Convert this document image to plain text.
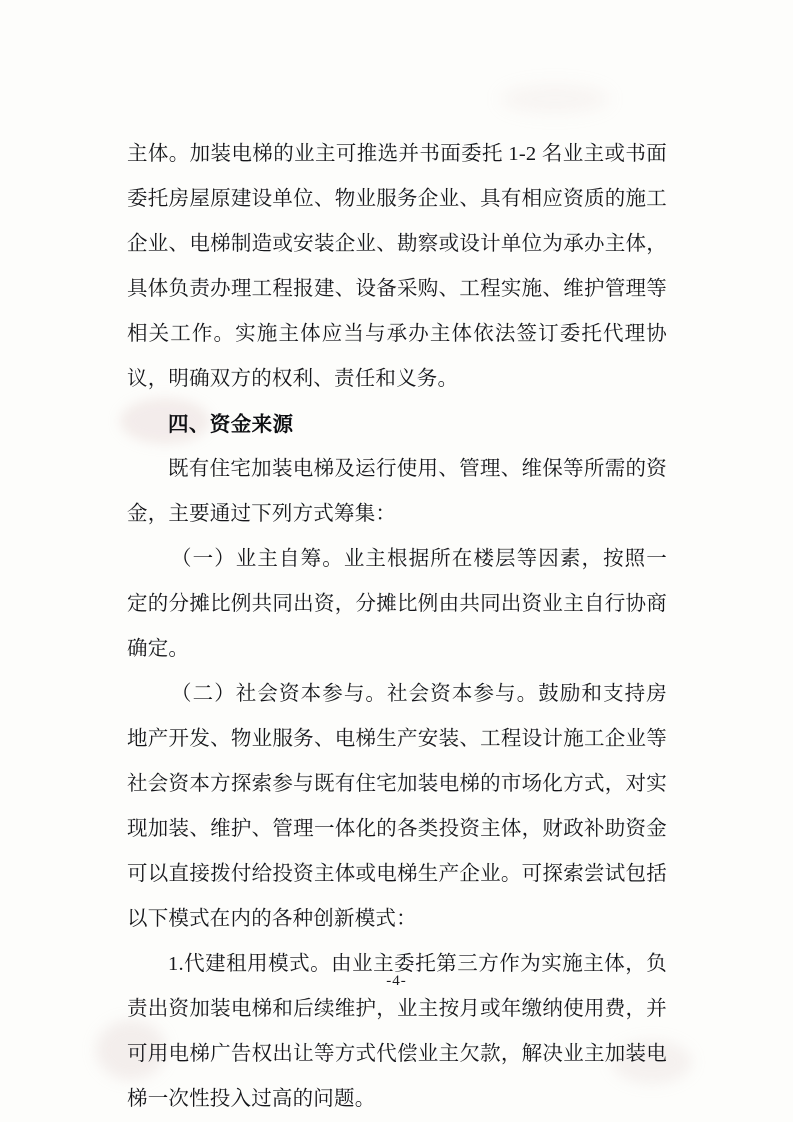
主体。加装电梯的业主可推选并书面委托 1-2 名业主或书面委托房屋原建设单位、物业服务企业、具有相应资质的施工企业、电梯制造或安装企业、勘察或设计单位为承办主体，具体负责办理工程报建、设备采购、工程实施、维护管理等相关工作。实施主体应当与承办主体依法签订委托代理协议，明确双方的权利、责任和义务。

四、资金来源

既有住宅加装电梯及运行使用、管理、维保等所需的资金，主要通过下列方式筹集：

（一）业主自筹。业主根据所在楼层等因素，按照一定的分摊比例共同出资，分摊比例由共同出资业主自行协商确定。

（二）社会资本参与。社会资本参与。鼓励和支持房地产开发、物业服务、电梯生产安装、工程设计施工企业等社会资本方探索参与既有住宅加装电梯的市场化方式，对实现加装、维护、管理一体化的各类投资主体，财政补助资金可以直接拨付给投资主体或电梯生产企业。可探索尝试包括以下模式在内的各种创新模式：

1.代建租用模式。由业主委托第三方作为实施主体，负责出资加装电梯和后续维护，业主按月或年缴纳使用费，并可用电梯广告权出让等方式代偿业主欠款，解决业主加装电梯一次性投入过高的问题。

-4-
